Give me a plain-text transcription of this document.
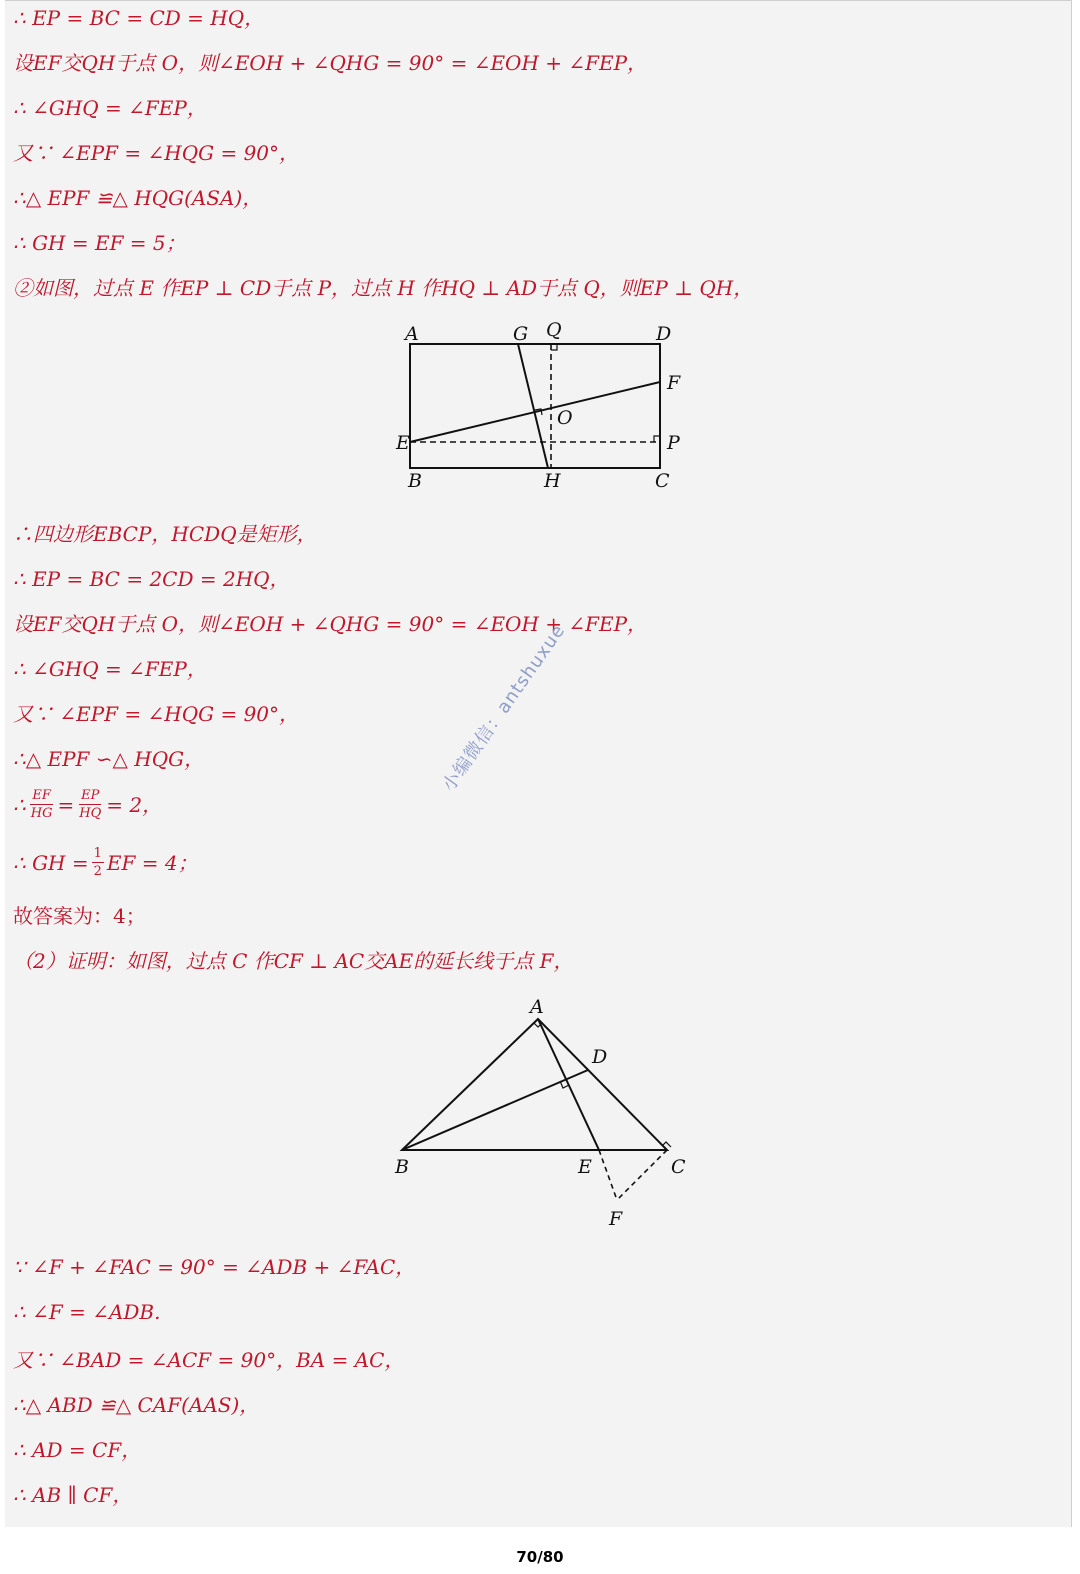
∴ EP = BC = CD = HQ，

设EF交QH于点 O，则∠EOH + ∠QHG = 90° = ∠EOH + ∠FEP，

∴ ∠GHQ = ∠FEP，

又∵ ∠EPF = ∠HQG = 90°，

∴△ EPF ≌△ HQG(ASA)，

∴ GH = EF = 5；

②如图，过点 E 作EP ⊥ CD于点 P，过点 H 作HQ ⊥ AD于点 Q，则EP ⊥ QH，

A	G Q	D
F
O
E	P
B	H	C

∴四边形EBCP，HCDQ是矩形，

∴ EP = BC = 2CD = 2HQ，

设EF交QH于点 O，则∠EOH + ∠QHG = 90° = ∠EOH + ∠FEP，

∴ ∠GHQ = ∠FEP，

又∵ ∠EPF = ∠HQG = 90°，

∴△ EPF ∽△ HQG，

∴ $\frac{EF}{HG} = \frac{EP}{HQ} = 2$，
∴ GH = $\frac{1}{2}$ EF = 4；

故答案为：4；

（2）证明：如图，过点 C 作CF ⊥ AC交AE的延长线于点 F，

A
D
B	E	C
F

∵ ∠F + ∠FAC = 90° = ∠ADB + ∠FAC，

∴ ∠F = ∠ADB.

又∵ ∠BAD = ∠ACF = 90°，BA = AC，

∴△ ABD ≌△ CAF(AAS)，

∴ AD = CF，

∴ AB ∥ CF，

小编微信：antshuxue
70/80
